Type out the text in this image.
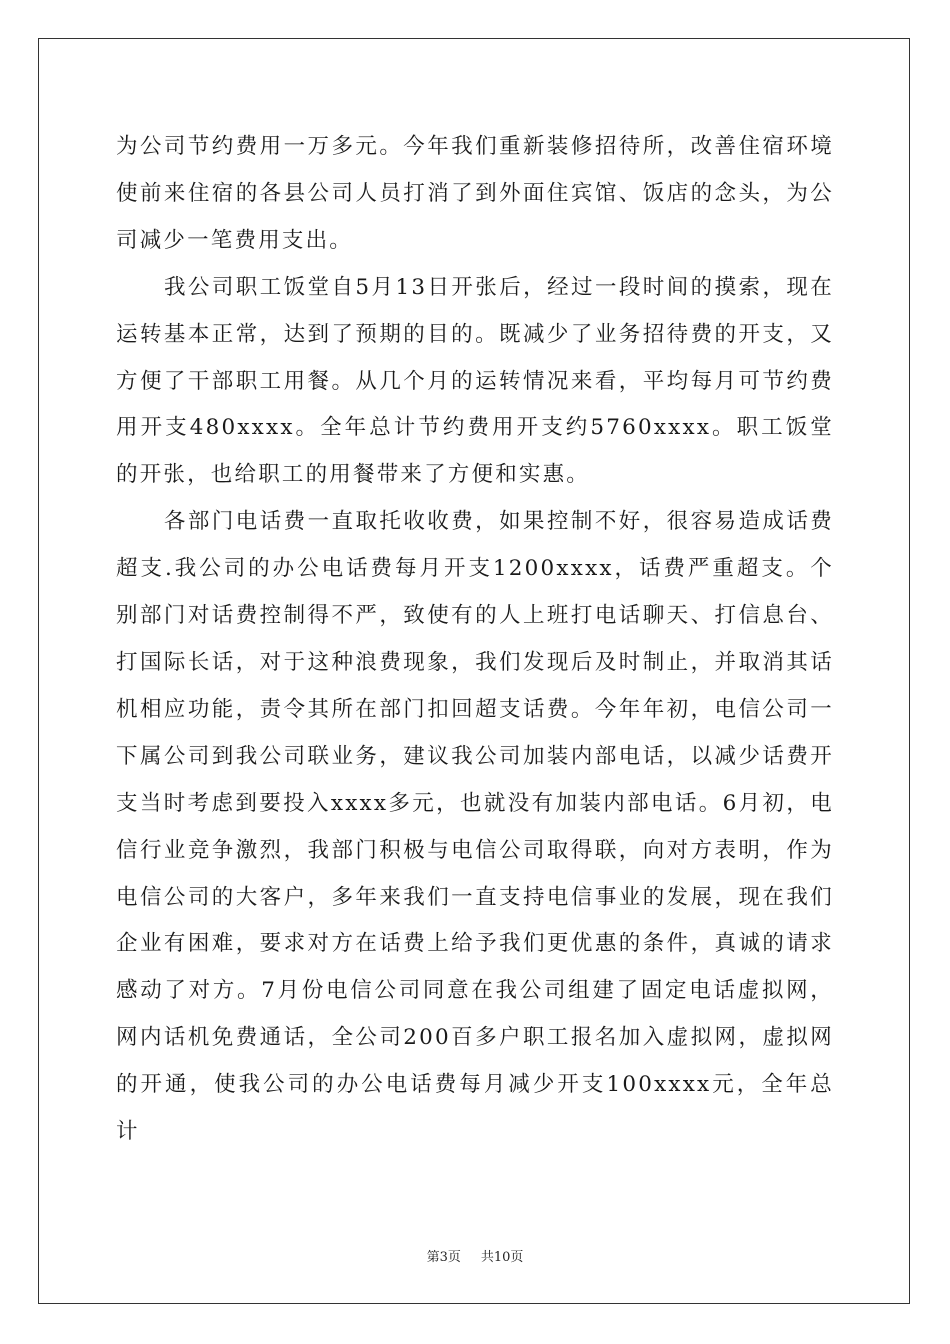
为公司节约费用一万多元。今年我们重新装修招待所，改善住宿环境使前来住宿的各县公司人员打消了到外面住宾馆、饭店的念头，为公司减少一笔费用支出。

我公司职工饭堂自5月13日开张后，经过一段时间的摸索，现在运转基本正常，达到了预期的目的。既减少了业务招待费的开支，又方便了干部职工用餐。从几个月的运转情况来看，平均每月可节约费用开支480xxxx。全年总计节约费用开支约5760xxxx。职工饭堂的开张，也给职工的用餐带来了方便和实惠。

各部门电话费一直取托收收费，如果控制不好，很容易造成话费超支.我公司的办公电话费每月开支1200xxxx，话费严重超支。个别部门对话费控制得不严，致使有的人上班打电话聊天、打信息台、打国际长话，对于这种浪费现象，我们发现后及时制止，并取消其话机相应功能，责令其所在部门扣回超支话费。今年年初，电信公司一下属公司到我公司联业务，建议我公司加装内部电话，以减少话费开支当时考虑到要投入xxxx多元，也就没有加装内部电话。6月初，电信行业竞争激烈，我部门积极与电信公司取得联，向对方表明，作为电信公司的大客户，多年来我们一直支持电信事业的发展，现在我们企业有困难，要求对方在话费上给予我们更优惠的条件，真诚的请求感动了对方。7月份电信公司同意在我公司组建了固定电话虚拟网，网内话机免费通话，全公司200百多户职工报名加入虚拟网，虚拟网的开通，使我公司的办公电话费每月减少开支100xxxx元，全年总计

第3页 共10页
